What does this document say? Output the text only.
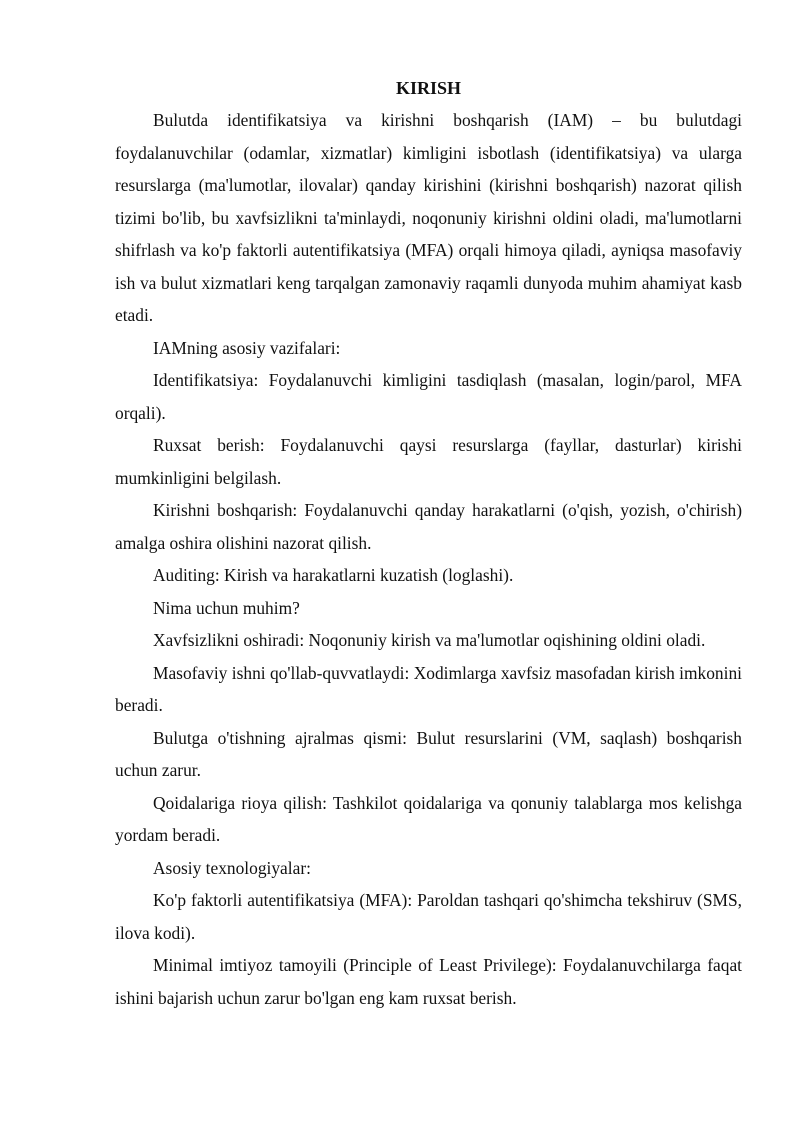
KIRISH

Bulutda identifikatsiya va kirishni boshqarish (IAM) – bu bulutdagi foydalanuvchilar (odamlar, xizmatlar) kimligini isbotlash (identifikatsiya) va ularga resurslarga (ma'lumotlar, ilovalar) qanday kirishini (kirishni boshqarish) nazorat qilish tizimi bo'lib, bu xavfsizlikni ta'minlaydi, noqonuniy kirishni oldini oladi, ma'lumotlarni shifrlash va ko'p faktorli autentifikatsiya (MFA) orqali himoya qiladi, ayniqsa masofaviy ish va bulut xizmatlari keng tarqalgan zamonaviy raqamli dunyoda muhim ahamiyat kasb etadi.

IAMning asosiy vazifalari:

Identifikatsiya: Foydalanuvchi kimligini tasdiqlash (masalan, login/parol, MFA orqali).

Ruxsat berish: Foydalanuvchi qaysi resurslarga (fayllar, dasturlar) kirishi mumkinligini belgilash.

Kirishni boshqarish: Foydalanuvchi qanday harakatlarni (o'qish, yozish, o'chirish) amalga oshira olishini nazorat qilish.

Auditing: Kirish va harakatlarni kuzatish (loglashi).

Nima uchun muhim?

Xavfsizlikni oshiradi: Noqonuniy kirish va ma'lumotlar oqishining oldini oladi.

Masofaviy ishni qo'llab-quvvatlaydi: Xodimlarga xavfsiz masofadan kirish imkonini beradi.

Bulutga o'tishning ajralmas qismi: Bulut resurslarini (VM, saqlash) boshqarish uchun zarur.

Qoidalariga rioya qilish: Tashkilot qoidalariga va qonuniy talablarga mos kelishga yordam beradi.

Asosiy texnologiyalar:

Ko'p faktorli autentifikatsiya (MFA): Paroldan tashqari qo'shimcha tekshiruv (SMS, ilova kodi).

Minimal imtiyoz tamoyili (Principle of Least Privilege): Foydalanuvchilarga faqat ishini bajarish uchun zarur bo'lgan eng kam ruxsat berish.
